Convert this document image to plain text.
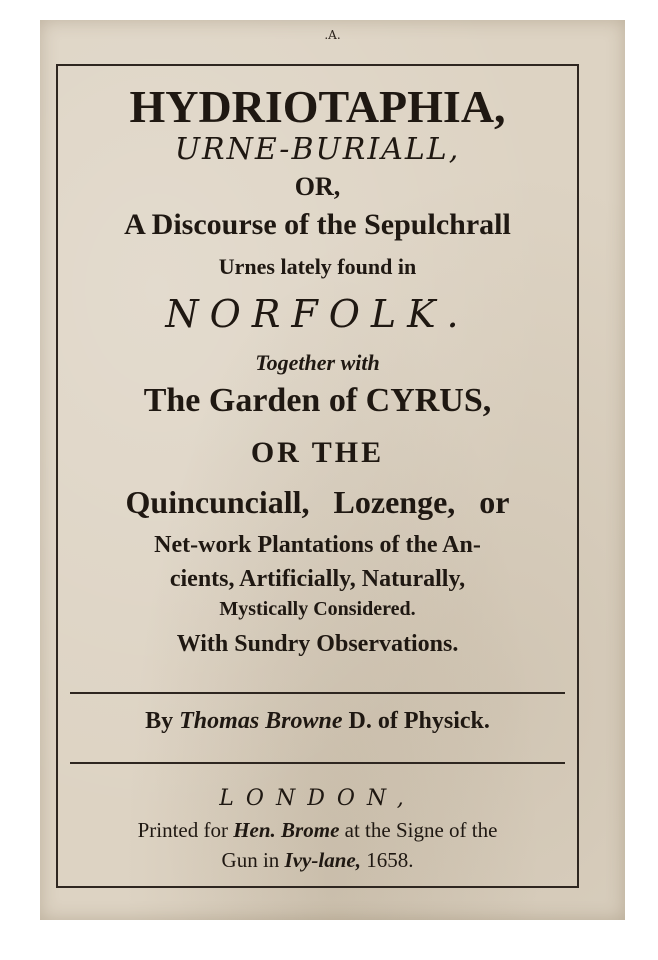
.A.
HYDRIOTAPHIA,
URNE-BURIALL,
OR,
A Discourse of the Sepulchrall
Urnes lately found in
NORFOLK.
Together with
The Garden of CYRUS,
OR THE
Quincunciall, Lozenge, or
Net-work Plantations of the An-
cients, Artificially, Naturally,
Mystically Considered.
With Sundry Observations.
By Thomas Browne D. of Physick.
LONDON,
Printed for Hen. Brome at the Signe of the
Gun in Ivy-lane, 1658.
